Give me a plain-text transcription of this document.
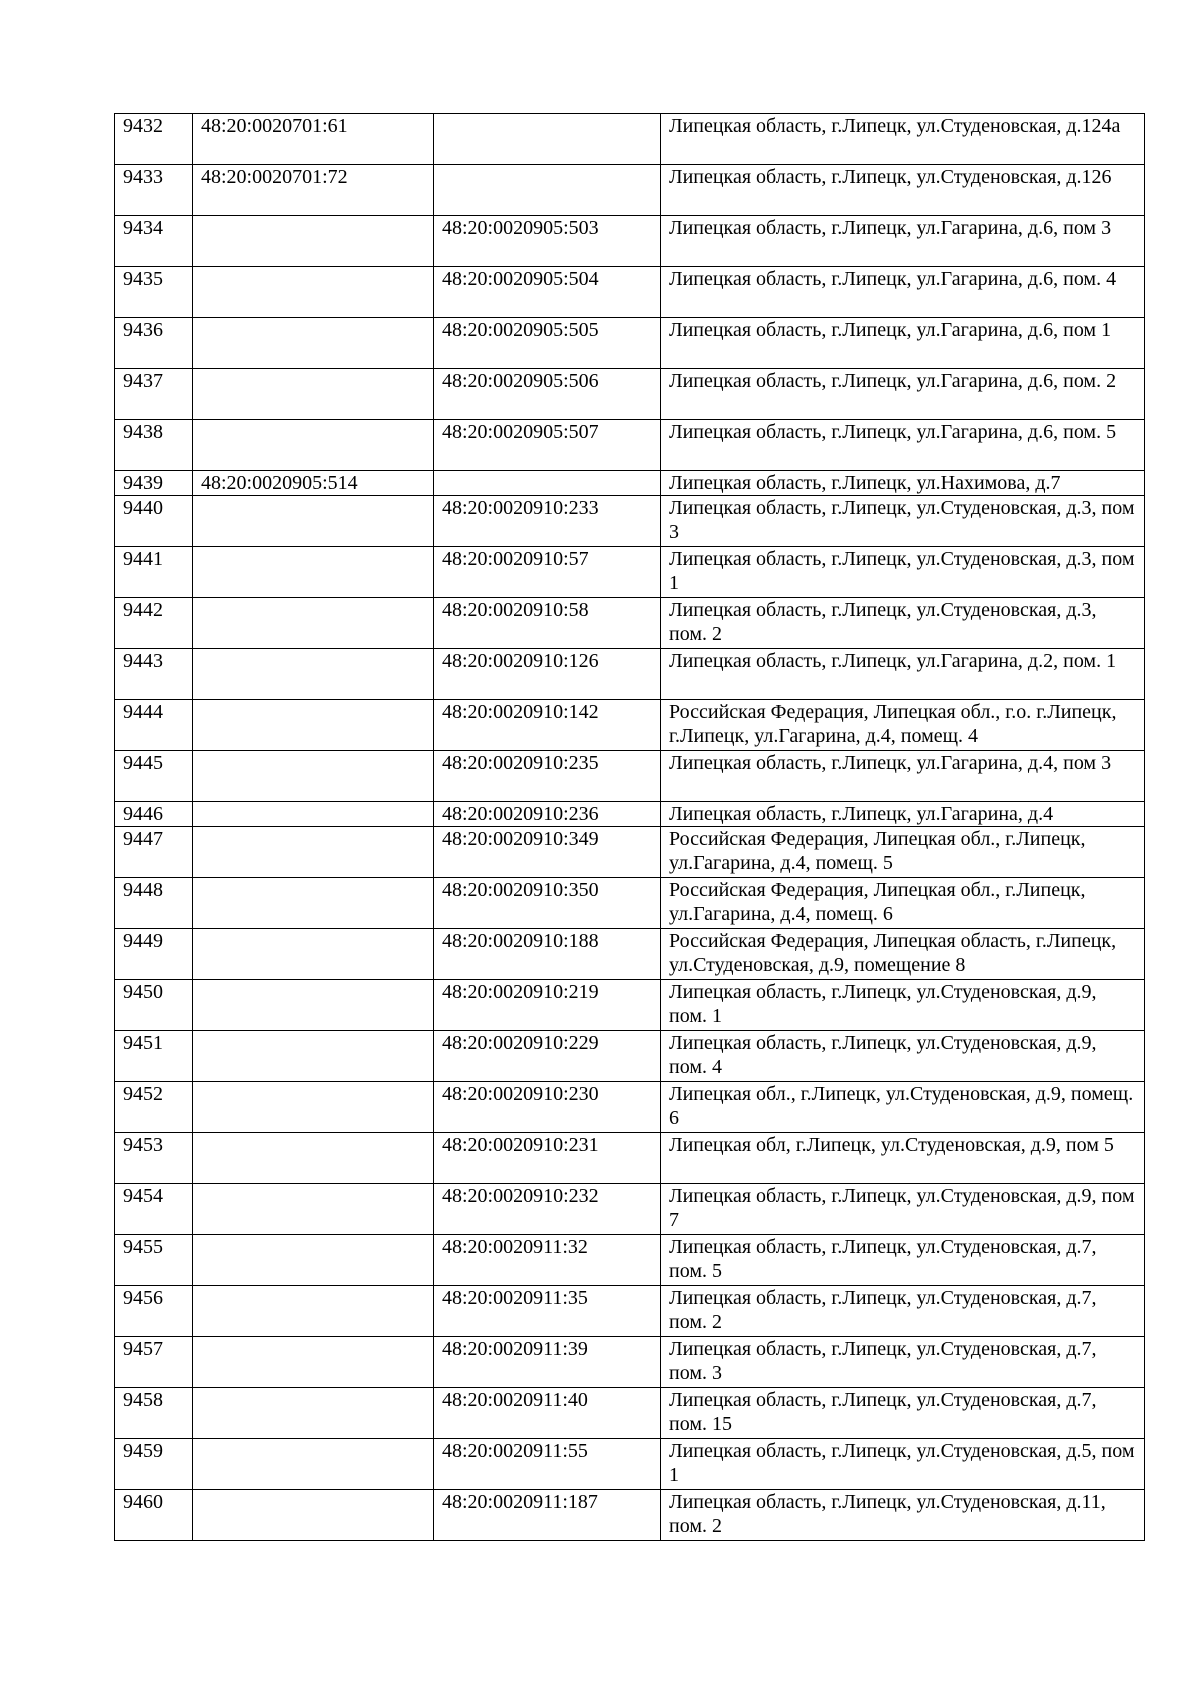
9432	48:20:0020701:61		Липецкая область, г.Липецк, ул.Студеновская, д.124а
9433	48:20:0020701:72		Липецкая область, г.Липецк, ул.Студеновская, д.126
9434		48:20:0020905:503	Липецкая область, г.Липецк, ул.Гагарина, д.6, пом 3
9435		48:20:0020905:504	Липецкая область, г.Липецк, ул.Гагарина, д.6, пом. 4
9436		48:20:0020905:505	Липецкая область, г.Липецк, ул.Гагарина, д.6, пом 1
9437		48:20:0020905:506	Липецкая область, г.Липецк, ул.Гагарина, д.6, пом. 2
9438		48:20:0020905:507	Липецкая область, г.Липецк, ул.Гагарина, д.6, пом. 5
9439	48:20:0020905:514		Липецкая область, г.Липецк, ул.Нахимова, д.7
9440		48:20:0020910:233	Липецкая область, г.Липецк, ул.Студеновская, д.3, пом 3
9441		48:20:0020910:57	Липецкая область, г.Липецк, ул.Студеновская, д.3, пом 1
9442		48:20:0020910:58	Липецкая область, г.Липецк, ул.Студеновская, д.3, пом. 2
9443		48:20:0020910:126	Липецкая область, г.Липецк, ул.Гагарина, д.2, пом. 1
9444		48:20:0020910:142	Российская Федерация, Липецкая обл., г.о. г.Липецк, г.Липецк, ул.Гагарина, д.4, помещ. 4
9445		48:20:0020910:235	Липецкая область, г.Липецк, ул.Гагарина, д.4, пом 3
9446		48:20:0020910:236	Липецкая область, г.Липецк, ул.Гагарина, д.4
9447		48:20:0020910:349	Российская Федерация, Липецкая обл., г.Липецк, ул.Гагарина, д.4, помещ. 5
9448		48:20:0020910:350	Российская Федерация, Липецкая обл., г.Липецк, ул.Гагарина, д.4, помещ. 6
9449		48:20:0020910:188	Российская Федерация, Липецкая область, г.Липецк, ул.Студеновская, д.9, помещение 8
9450		48:20:0020910:219	Липецкая область, г.Липецк, ул.Студеновская, д.9, пом. 1
9451		48:20:0020910:229	Липецкая область, г.Липецк, ул.Студеновская, д.9, пом. 4
9452		48:20:0020910:230	Липецкая обл., г.Липецк, ул.Студеновская, д.9, помещ. 6
9453		48:20:0020910:231	Липецкая обл, г.Липецк, ул.Студеновская, д.9, пом 5
9454		48:20:0020910:232	Липецкая область, г.Липецк, ул.Студеновская, д.9, пом 7
9455		48:20:0020911:32	Липецкая область, г.Липецк, ул.Студеновская, д.7, пом. 5
9456		48:20:0020911:35	Липецкая область, г.Липецк, ул.Студеновская, д.7, пом. 2
9457		48:20:0020911:39	Липецкая область, г.Липецк, ул.Студеновская, д.7, пом. 3
9458		48:20:0020911:40	Липецкая область, г.Липецк, ул.Студеновская, д.7, пом. 15
9459		48:20:0020911:55	Липецкая область, г.Липецк, ул.Студеновская, д.5, пом 1
9460		48:20:0020911:187	Липецкая область, г.Липецк, ул.Студеновская, д.11, пом. 2
